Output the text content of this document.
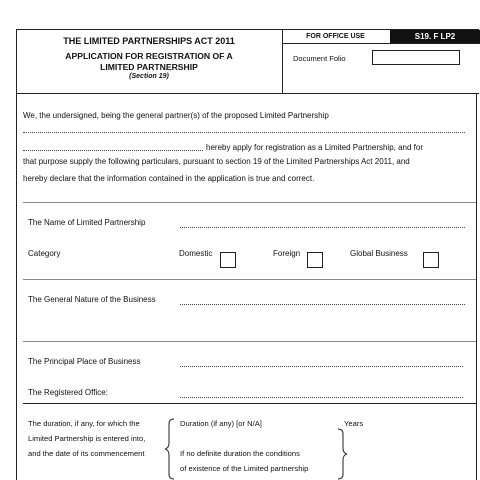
THE LIMITED PARTNERSHIPS ACT 2011
APPLICATION FOR REGISTRATION OF A
LIMITED PARTNERSHIP
(Section 19)
FOR OFFICE USE	S19. F LP2
Document Folio
We, the undersigned, being the general partner(s) of the proposed Limited Partnership
hereby apply for registration as a Limited Partnership, and for
that purpose supply the following particulars, pursuant to section 19 of the Limited Partnerships Act 2011, and
hereby declare that the information contained in the application is true and correct.
The Name of Limited Partnership
Category	Domestic	Foreign	Global Business
The General Nature of the Business
The Principal Place of Business
The Registered Office:
The duration, if any, for which the
Limited Partnership is entered into,
and the date of its commencement
Duration (if any) [or N/A]	Years
If no definite duration the conditions
of existence of the Limited partnership
